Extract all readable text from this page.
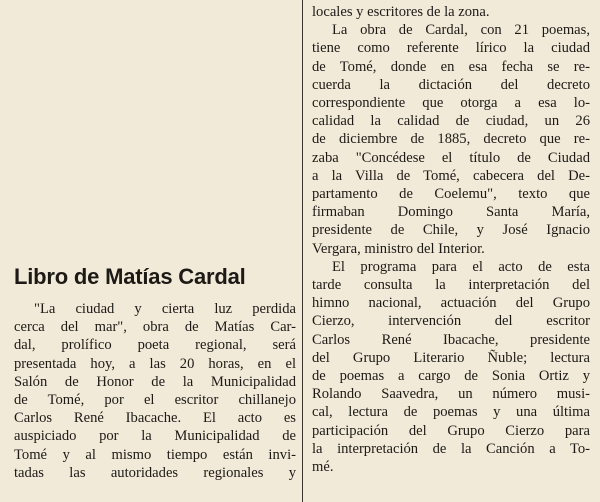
Libro de Matías Cardal

"La ciudad y cierta luz perdida
cerca del mar", obra de Matías Car-
dal, prolífico poeta regional, será
presentada hoy, a las 20 horas, en el
Salón de Honor de la Municipalidad
de Tomé, por el escritor chillanejo
Carlos René Ibacache. El acto es
auspiciado por la Municipalidad de
Tomé y al mismo tiempo están invi-
tadas las autoridades regionales y

locales y escritores de la zona.

La obra de Cardal, con 21 poemas,
tiene como referente lírico la ciudad
de Tomé, donde en esa fecha se re-
cuerda la dictación del decreto
correspondiente que otorga a esa lo-
calidad la calidad de ciudad, un 26
de diciembre de 1885, decreto que re-
zaba "Concédese el título de Ciudad
a la Villa de Tomé, cabecera del De-
partamento de Coelemu", texto que
firmaban Domingo Santa María,
presidente de Chile, y José Ignacio
Vergara, ministro del Interior.

El programa para el acto de esta
tarde consulta la interpretación del
himno nacional, actuación del Grupo
Cierzo, intervención del escritor
Carlos René Ibacache, presidente
del Grupo Literario Ñuble; lectura
de poemas a cargo de Sonia Ortiz y
Rolando Saavedra, un número musi-
cal, lectura de poemas y una última
participación del Grupo Cierzo para
la interpretación de la Canción a To-
mé.
